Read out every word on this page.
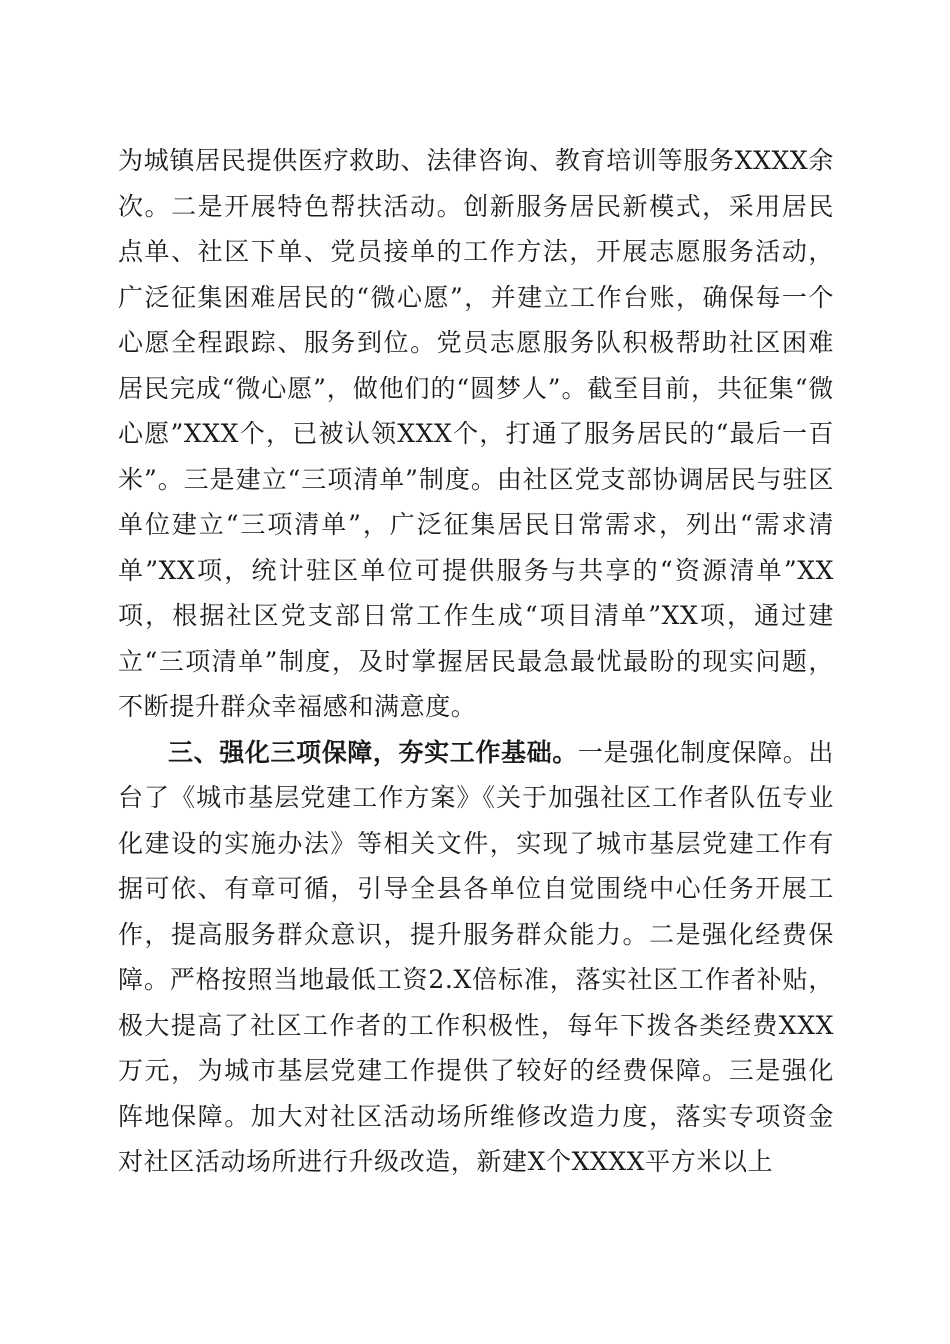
为城镇居民提供医疗救助、法律咨询、教育培训等服务XXXX余次。二是开展特色帮扶活动。创新服务居民新模式，采用居民点单、社区下单、党员接单的工作方法，开展志愿服务活动，广泛征集困难居民的“微心愿”，并建立工作台账，确保每一个心愿全程跟踪、服务到位。党员志愿服务队积极帮助社区困难居民完成“微心愿”，做他们的“圆梦人”。截至目前，共征集“微心愿”XXX个，已被认领XXX个，打通了服务居民的“最后一百米”。三是建立“三项清单”制度。由社区党支部协调居民与驻区单位建立“三项清单”，广泛征集居民日常需求，列出“需求清单”XX项，统计驻区单位可提供服务与共享的“资源清单”XX项，根据社区党支部日常工作生成“项目清单”XX项，通过建立“三项清单”制度，及时掌握居民最急最忧最盼的现实问题，不断提升群众幸福感和满意度。

三、强化三项保障，夯实工作基础。一是强化制度保障。出台了《城市基层党建工作方案》《关于加强社区工作者队伍专业化建设的实施办法》等相关文件，实现了城市基层党建工作有据可依、有章可循，引导全县各单位自觉围绕中心任务开展工作，提高服务群众意识，提升服务群众能力。二是强化经费保障。严格按照当地最低工资2.X倍标准，落实社区工作者补贴，极大提高了社区工作者的工作积极性，每年下拨各类经费XXX万元，为城市基层党建工作提供了较好的经费保障。三是强化阵地保障。加大对社区活动场所维修改造力度，落实专项资金对社区活动场所进行升级改造，新建X个XXXX平方米以上
